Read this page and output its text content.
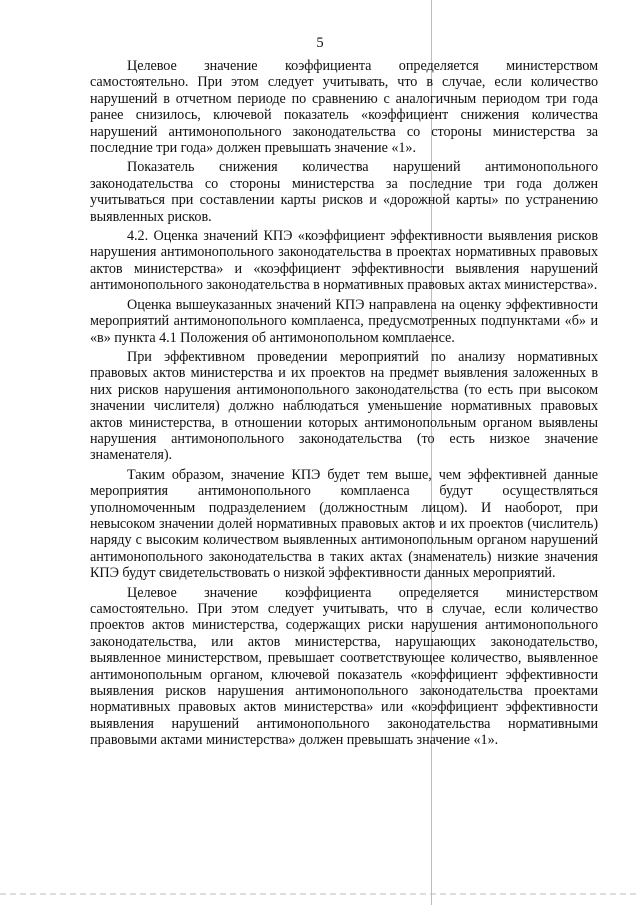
5

Целевое значение коэффициента определяется министерством самостоятельно. При этом следует учитывать, что в случае, если количество нарушений в отчетном периоде по сравнению с аналогичным периодом три года ранее снизилось, ключевой показатель «коэффициент снижения количества нарушений антимонопольного законодательства со стороны министерства за последние три года» должен превышать значение «1».

Показатель снижения количества нарушений антимонопольного законодательства со стороны министерства за последние три года должен учитываться при составлении карты рисков и «дорожной карты» по устранению выявленных рисков.

4.2. Оценка значений КПЭ «коэффициент эффективности выявления рисков нарушения антимонопольного законодательства в проектах нормативных правовых актов министерства» и «коэффициент эффективности выявления нарушений антимонопольного законодательства в нормативных правовых актах министерства».

Оценка вышеуказанных значений КПЭ направлена на оценку эффективности мероприятий антимонопольного комплаенса, предусмотренных подпунктами «б» и «в» пункта 4.1 Положения об антимонопольном комплаенсе.

При эффективном проведении мероприятий по анализу нормативных правовых актов министерства и их проектов на предмет выявления заложенных в них рисков нарушения антимонопольного законодательства (то есть при высоком значении числителя) должно наблюдаться уменьшение нормативных правовых актов министерства, в отношении которых антимонопольным органом выявлены нарушения антимонопольного законодательства (то есть низкое значение знаменателя).

Таким образом, значение КПЭ будет тем выше, чем эффективней данные мероприятия антимонопольного комплаенса будут осуществляться уполномоченным подразделением (должностным лицом). И наоборот, при невысоком значении долей нормативных правовых актов и их проектов (числитель) наряду с высоким количеством выявленных антимонопольным органом нарушений антимонопольного законодательства в таких актах (знаменатель) низкие значения КПЭ будут свидетельствовать о низкой эффективности данных мероприятий.

Целевое значение коэффициента определяется министерством самостоятельно. При этом следует учитывать, что в случае, если количество проектов актов министерства, содержащих риски нарушения антимонопольного законодательства, или актов министерства, нарушающих законодательство, выявленное министерством, превышает соответствующее количество, выявленное антимонопольным органом, ключевой показатель «коэффициент эффективности выявления рисков нарушения антимонопольного законодательства проектами нормативных правовых актов министерства» или «коэффициент эффективности выявления нарушений антимонопольного законодательства нормативными правовыми актами министерства» должен превышать значение «1».
